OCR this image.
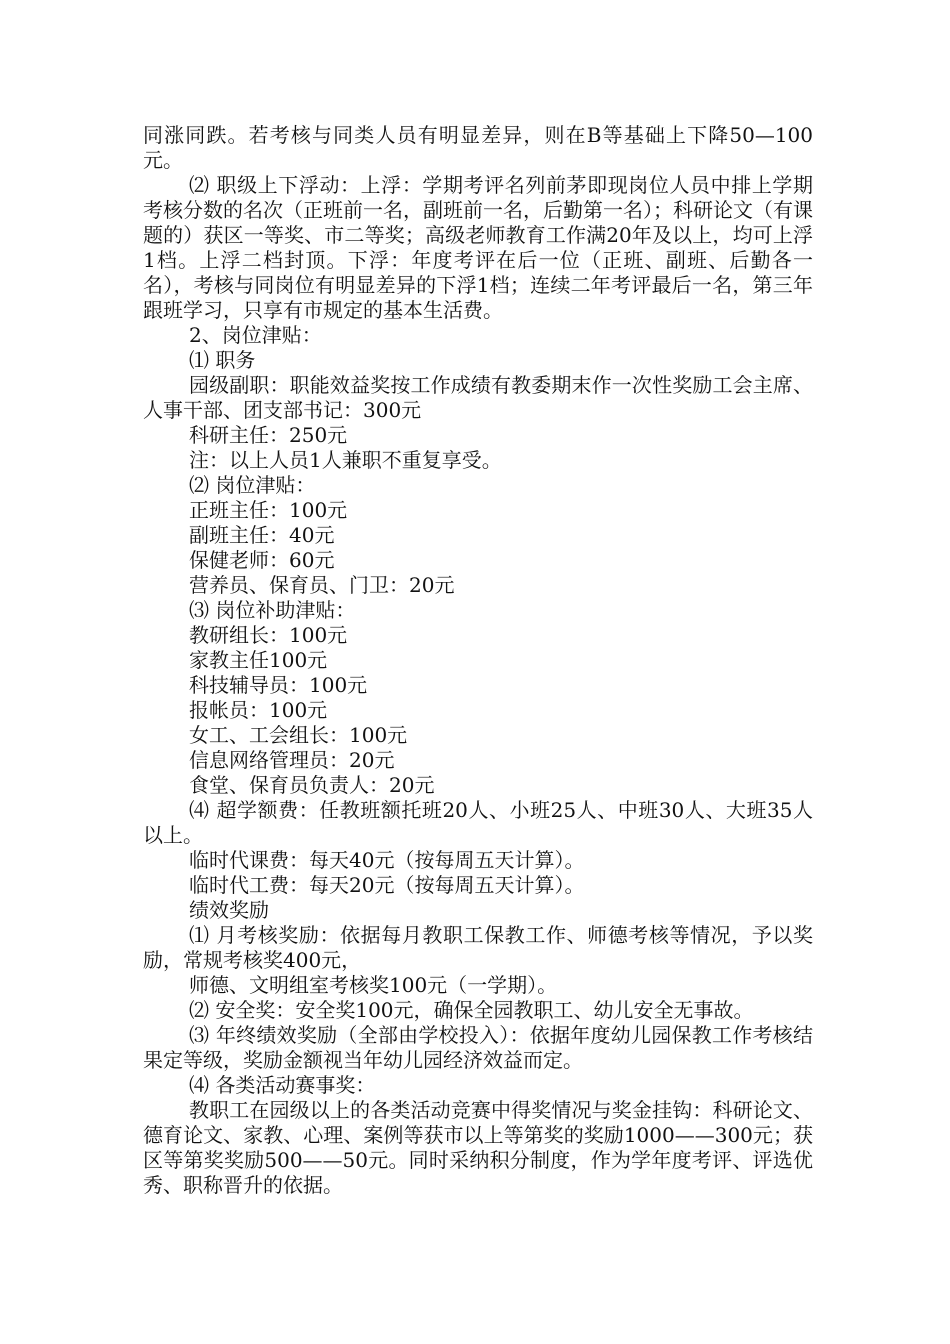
同涨同跌。若考核与同类人员有明显差异，则在B等基础上下降50—100元。

⑵ 职级上下浮动：上浮：学期考评名列前茅即现岗位人员中排上学期考核分数的名次（正班前一名，副班前一名，后勤第一名）；科研论文（有课题的）获区一等奖、市二等奖；高级老师教育工作满20年及以上，均可上浮1档。上浮二档封顶。下浮：年度考评在后一位（正班、副班、后勤各一名），考核与同岗位有明显差异的下浮1档；连续二年考评最后一名，第三年跟班学习，只享有市规定的基本生活费。

2、岗位津贴：

⑴ 职务

园级副职：职能效益奖按工作成绩有教委期末作一次性奖励工会主席、人事干部、团支部书记：300元

科研主任：250元

注：以上人员1人兼职不重复享受。

⑵ 岗位津贴：

正班主任：100元

副班主任：40元

保健老师：60元

营养员、保育员、门卫：20元

⑶ 岗位补助津贴：

教研组长：100元

家教主任100元

科技辅导员：100元

报帐员：100元

女工、工会组长：100元

信息网络管理员：20元

食堂、保育员负责人：20元

⑷ 超学额费：任教班额托班20人、小班25人、中班30人、大班35人以上。

临时代课费：每天40元（按每周五天计算）。

临时代工费：每天20元（按每周五天计算）。

绩效奖励

⑴ 月考核奖励：依据每月教职工保教工作、师德考核等情况，予以奖励，常规考核奖400元，

师德、文明组室考核奖100元（一学期）。

⑵ 安全奖：安全奖100元，确保全园教职工、幼儿安全无事故。

⑶ 年终绩效奖励（全部由学校投入）：依据年度幼儿园保教工作考核结果定等级，奖励金额视当年幼儿园经济效益而定。

⑷ 各类活动赛事奖：

教职工在园级以上的各类活动竞赛中得奖情况与奖金挂钩：科研论文、德育论文、家教、心理、案例等获市以上等第奖的奖励1000——300元；获区等第奖奖励500——50元。同时采纳积分制度，作为学年度考评、评选优秀、职称晋升的依据。
